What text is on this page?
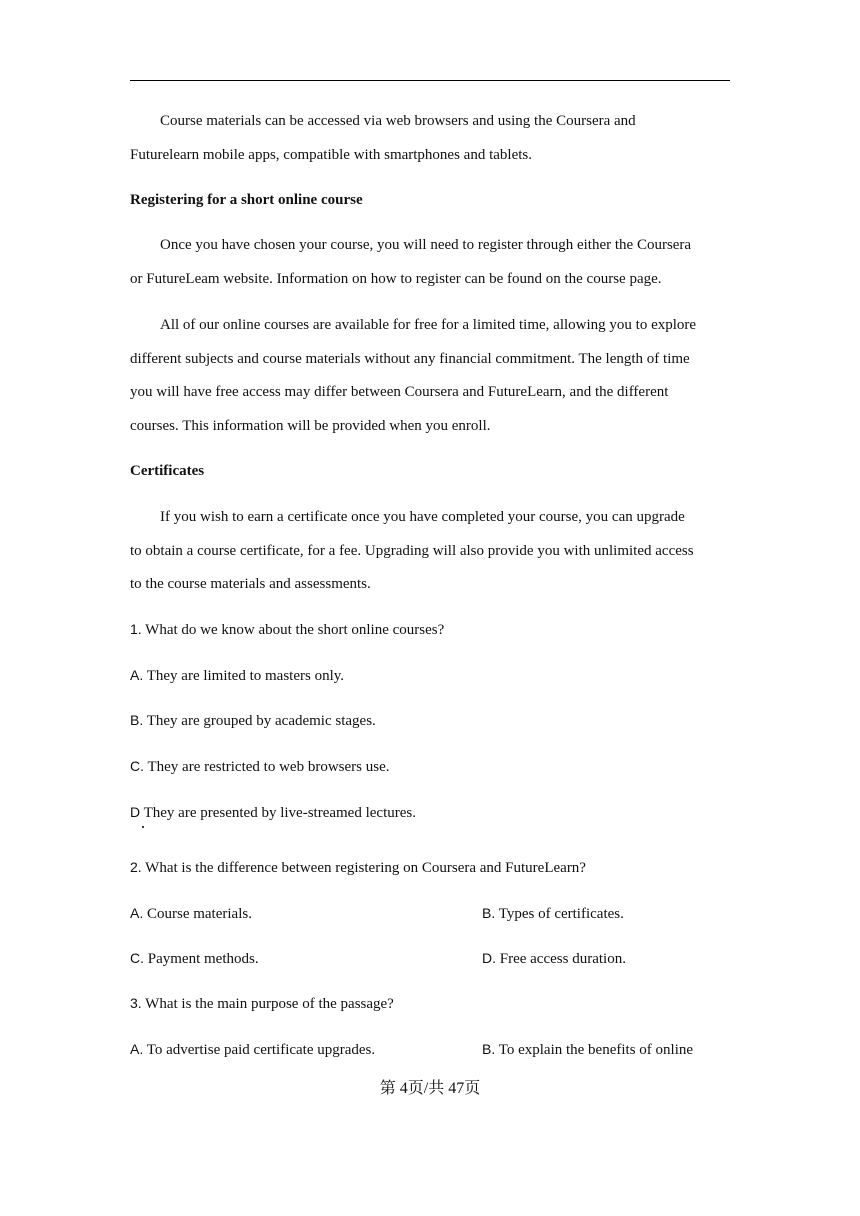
Course materials can be accessed via web browsers and using the Coursera and
Futurelearn mobile apps, compatible with smartphones and tablets.
Registering for a short online course
Once you have chosen your course, you will need to register through either the Coursera
or FutureLeam website. Information on how to register can be found on the course page.
All of our online courses are available for free for a limited time, allowing you to explore
different subjects and course materials without any financial commitment. The length of time
you will have free access may differ between Coursera and FutureLearn, and the different
courses. This information will be provided when you enroll.
Certificates
If you wish to earn a certificate once you have completed your course, you can upgrade
to obtain a course certificate, for a fee. Upgrading will also provide you with unlimited access
to the course materials and assessments.
1. What do we know about the short online courses?
A. They are limited to masters only.
B. They are grouped by academic stages.
C. They are restricted to web browsers use.
D They are presented by live-streamed lectures.
2. What is the difference between registering on Coursera and FutureLearn?
A. Course materials.	B. Types of certificates.
C. Payment methods.	D. Free access duration.
3. What is the main purpose of the passage?
A. To advertise paid certificate upgrades.	B. To explain the benefits of online
第 4页/共 47页
